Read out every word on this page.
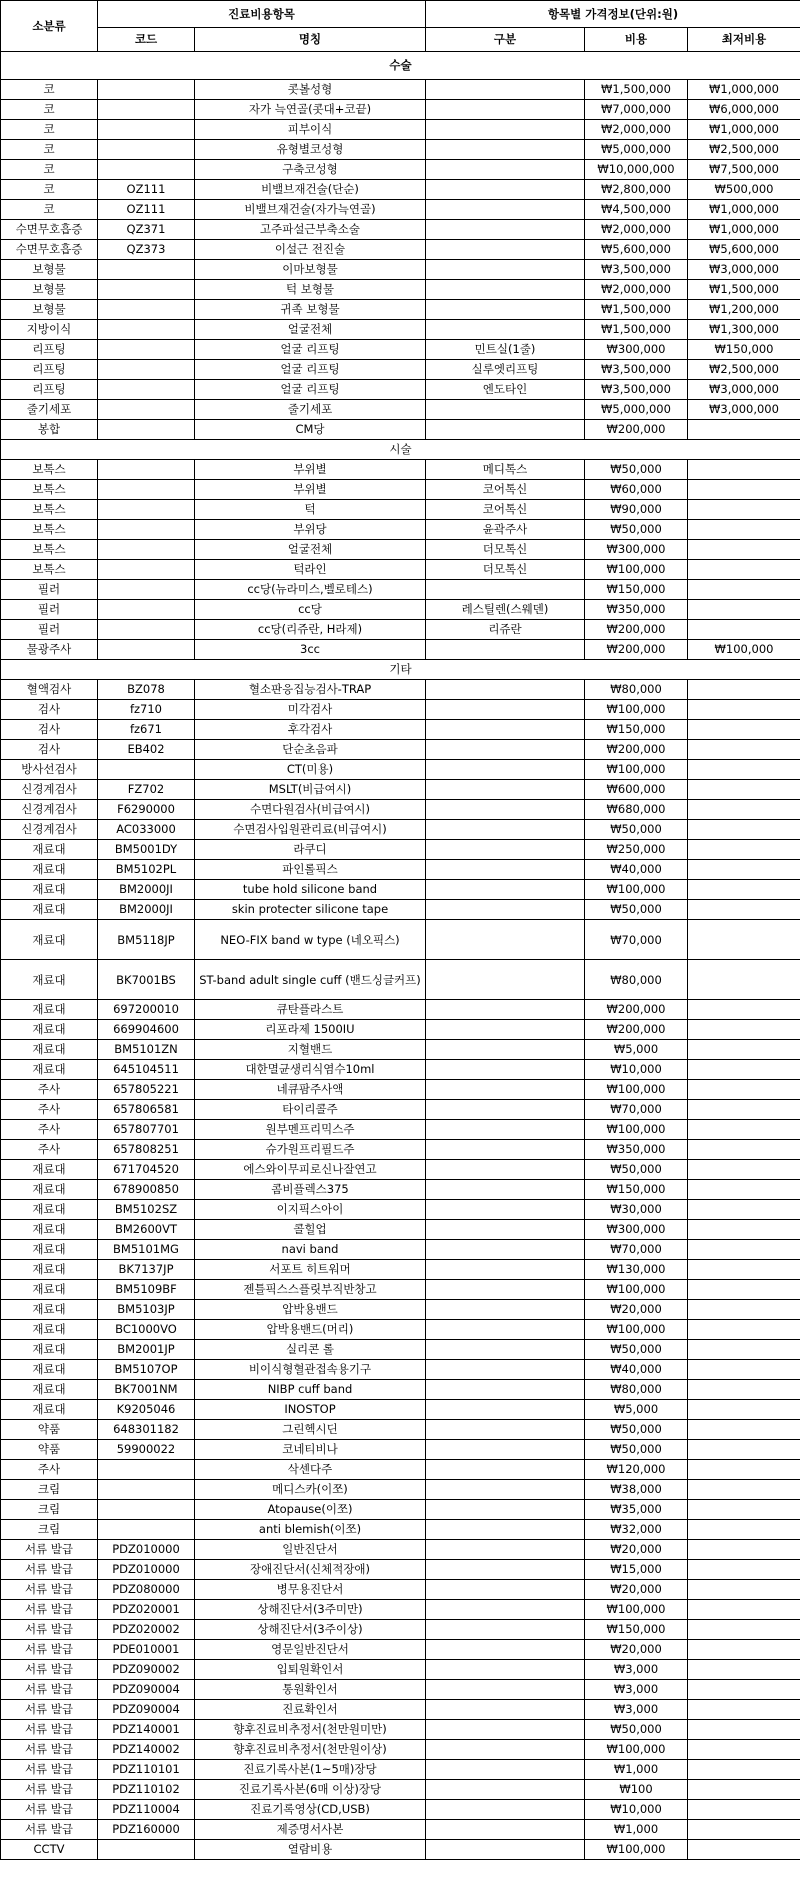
소분류	진료비용항목		항목별 가격정보(단위:원)		
	코드	명칭	구분	비용	최저비용
수술					
코		콧볼성형		₩1,500,000	₩1,000,000
코		자가 늑연골(콧대+코끝)		₩7,000,000	₩6,000,000
코		피부이식		₩2,000,000	₩1,000,000
코		유형별코성형		₩5,000,000	₩2,500,000
코		구축코성형		₩10,000,000	₩7,500,000
코	OZ111	비밸브재건술(단순)		₩2,800,000	₩500,000
코	OZ111	비밸브재건술(자가늑연골)		₩4,500,000	₩1,000,000
수면무호흡증	QZ371	고주파설근부축소술		₩2,000,000	₩1,000,000
수면무호흡증	QZ373	이설근 전진술		₩5,600,000	₩5,600,000
보형물		이마보형물		₩3,500,000	₩3,000,000
보형물		턱 보형물		₩2,000,000	₩1,500,000
보형물		귀족 보형물		₩1,500,000	₩1,200,000
지방이식		얼굴전체		₩1,500,000	₩1,300,000
리프팅		얼굴 리프팅	민트실(1줄)	₩300,000	₩150,000
리프팅		얼굴 리프팅	실루엣리프팅	₩3,500,000	₩2,500,000
리프팅		얼굴 리프팅	엔도타인	₩3,500,000	₩3,000,000
줄기세포		줄기세포		₩5,000,000	₩3,000,000
봉합		CM당		₩200,000	
시술					
보톡스		부위별	메디톡스	₩50,000	
보톡스		부위별	코어톡신	₩60,000	
보톡스		턱	코어톡신	₩90,000	
보톡스		부위당	윤곽주사	₩50,000	
보톡스		얼굴전체	더모톡신	₩300,000	
보톡스		턱라인	더모톡신	₩100,000	
필러		cc당(뉴라미스,벨로테스)		₩150,000	
필러		cc당	레스틸렌(스웨덴)	₩350,000	
필러		cc당(리쥬란, H라제)	리쥬란	₩200,000	
물광주사		3cc		₩200,000	₩100,000
기타					
혈액검사	BZ078	혈소판응집능검사-TRAP		₩80,000	
검사	fz710	미각검사		₩100,000	
검사	fz671	후각검사		₩150,000	
검사	EB402	단순초음파		₩200,000	
방사선검사		CT(미용)		₩100,000	
신경계검사	FZ702	MSLT(비급여시)		₩600,000	
신경계검사	F6290000	수면다원검사(비급여시)		₩680,000	
신경계검사	AC033000	수면검사입원관리료(비급여시)		₩50,000	
재료대	BM5001DY	라쿠디		₩250,000	
재료대	BM5102PL	파인롤픽스		₩40,000	
재료대	BM2000JI	tube hold silicone band		₩100,000	
재료대	BM2000JI	skin protecter silicone tape		₩50,000	
재료대	BM5118JP	NEO-FIX band w type (네오픽스)		₩70,000	
재료대	BK7001BS	ST-band adult single cuff (밴드싱글커프)		₩80,000	
재료대	697200010	큐탄플라스트		₩200,000	
재료대	669904600	리포라제 1500IU		₩200,000	
재료대	BM5101ZN	지혈밴드		₩5,000	
재료대	645104511	대한멸균생리식염수10ml		₩10,000	
주사	657805221	네큐팜주사액		₩100,000	
주사	657806581	타이리콜주		₩70,000	
주사	657807701	원부멘프리믹스주		₩100,000	
주사	657808251	슈가원프리필드주		₩350,000	
재료대	671704520	에스와이무피로신나잘연고		₩50,000	
재료대	678900850	콤비플렉스375		₩150,000	
재료대	BM5102SZ	이지픽스아이		₩30,000	
재료대	BM2600VT	콜힐업		₩300,000	
재료대	BM5101MG	navi band		₩70,000	
재료대	BK7137JP	서포트 히트워머		₩130,000	
재료대	BM5109BF	젠틀픽스스플릿부직반창고		₩100,000	
재료대	BM5103JP	압박용밴드		₩20,000	
재료대	BC1000VO	압박용밴드(머리)		₩100,000	
재료대	BM2001JP	실리콘 롤		₩50,000	
재료대	BM5107OP	비이식형혈관접속용기구		₩40,000	
재료대	BK7001NM	NIBP cuff band		₩80,000	
재료대	K9205046	INOSTOP		₩5,000	
약품	648301182	그린헥시딘		₩50,000	
약품	59900022	코네티비나		₩50,000	
주사		삭센다주		₩120,000	
크림		메디스카(이쪼)		₩38,000	
크림		Atopause(이쪼)		₩35,000	
크림		anti blemish(이쪼)		₩32,000	
서류 발급	PDZ010000	일반진단서		₩20,000	
서류 발급	PDZ010000	장애진단서(신체적장애)		₩15,000	
서류 발급	PDZ080000	병무용진단서		₩20,000	
서류 발급	PDZ020001	상해진단서(3주미만)		₩100,000	
서류 발급	PDZ020002	상해진단서(3주이상)		₩150,000	
서류 발급	PDE010001	영문일반진단서		₩20,000	
서류 발급	PDZ090002	입퇴원확인서		₩3,000	
서류 발급	PDZ090004	통원확인서		₩3,000	
서류 발급	PDZ090004	진료확인서		₩3,000	
서류 발급	PDZ140001	향후진료비추정서(천만원미만)		₩50,000	
서류 발급	PDZ140002	향후진료비추정서(천만원이상)		₩100,000	
서류 발급	PDZ110101	진료기록사본(1~5매)장당		₩1,000	
서류 발급	PDZ110102	진료기록사본(6매 이상)장당		₩100	
서류 발급	PDZ110004	진료기록영상(CD,USB)		₩10,000	
서류 발급	PDZ160000	제증명서사본		₩1,000	
CCTV		열람비용		₩100,000	
